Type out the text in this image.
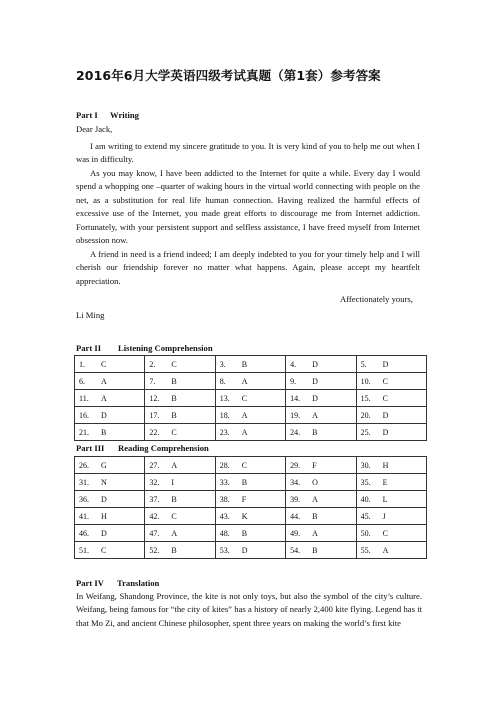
2016年6月大学英语四级考试真题（第1套）参考答案
Part I Writing
Dear Jack,
I am writing to extend my sincere gratitude to you. It is very kind of you to help me out when I was in difficulty.
As you may know, I have been addicted to the Internet for quite a while. Every day I would spend a whopping one –quarter of waking hours in the virtual world connecting with people on the net, as a substitution for real life human connection. Having realized the harmful effects of excessive use of the Internet, you made great efforts to discourage me from Internet addiction. Fortunately, with your persistent support and selfless assistance, I have freed myself from Internet obsession now.
A friend in need is a friend indeed; I am deeply indebted to you for your timely help and I will cherish our friendship forever no matter what happens. Again, please accept my heartfelt appreciation.
Affectionately yours,
Li Ming
Part II Listening Comprehension
1. C	2. C	3. B	4. D	5. D
6. A	7. B	8. A	9. D	10. C
11. A	12. B	13. C	14. D	15. C
16. D	17. B	18. A	19. A	20. D
21. B	22. C	23. A	24. B	25. D
Part III Reading Comprehension
26. G	27. A	28. C	29. F	30. H
31. N	32. I	33. B	34. O	35. E
36. D	37. B	38. F	39. A	40. L
41. H	42. C	43. K	44. B	45. J
46. D	47. A	48. B	49. A	50. C
51. C	52. B	53. D	54. B	55. A
Part IV Translation
In Weifang, Shandong Province, the kite is not only toys, but also the symbol of the city’s culture. Weifang, being famous for “the city of kites” has a history of nearly 2,400 kite flying. Legend has it that Mo Zi, and ancient Chinese philosopher, spent three years on making the world’s first kite
